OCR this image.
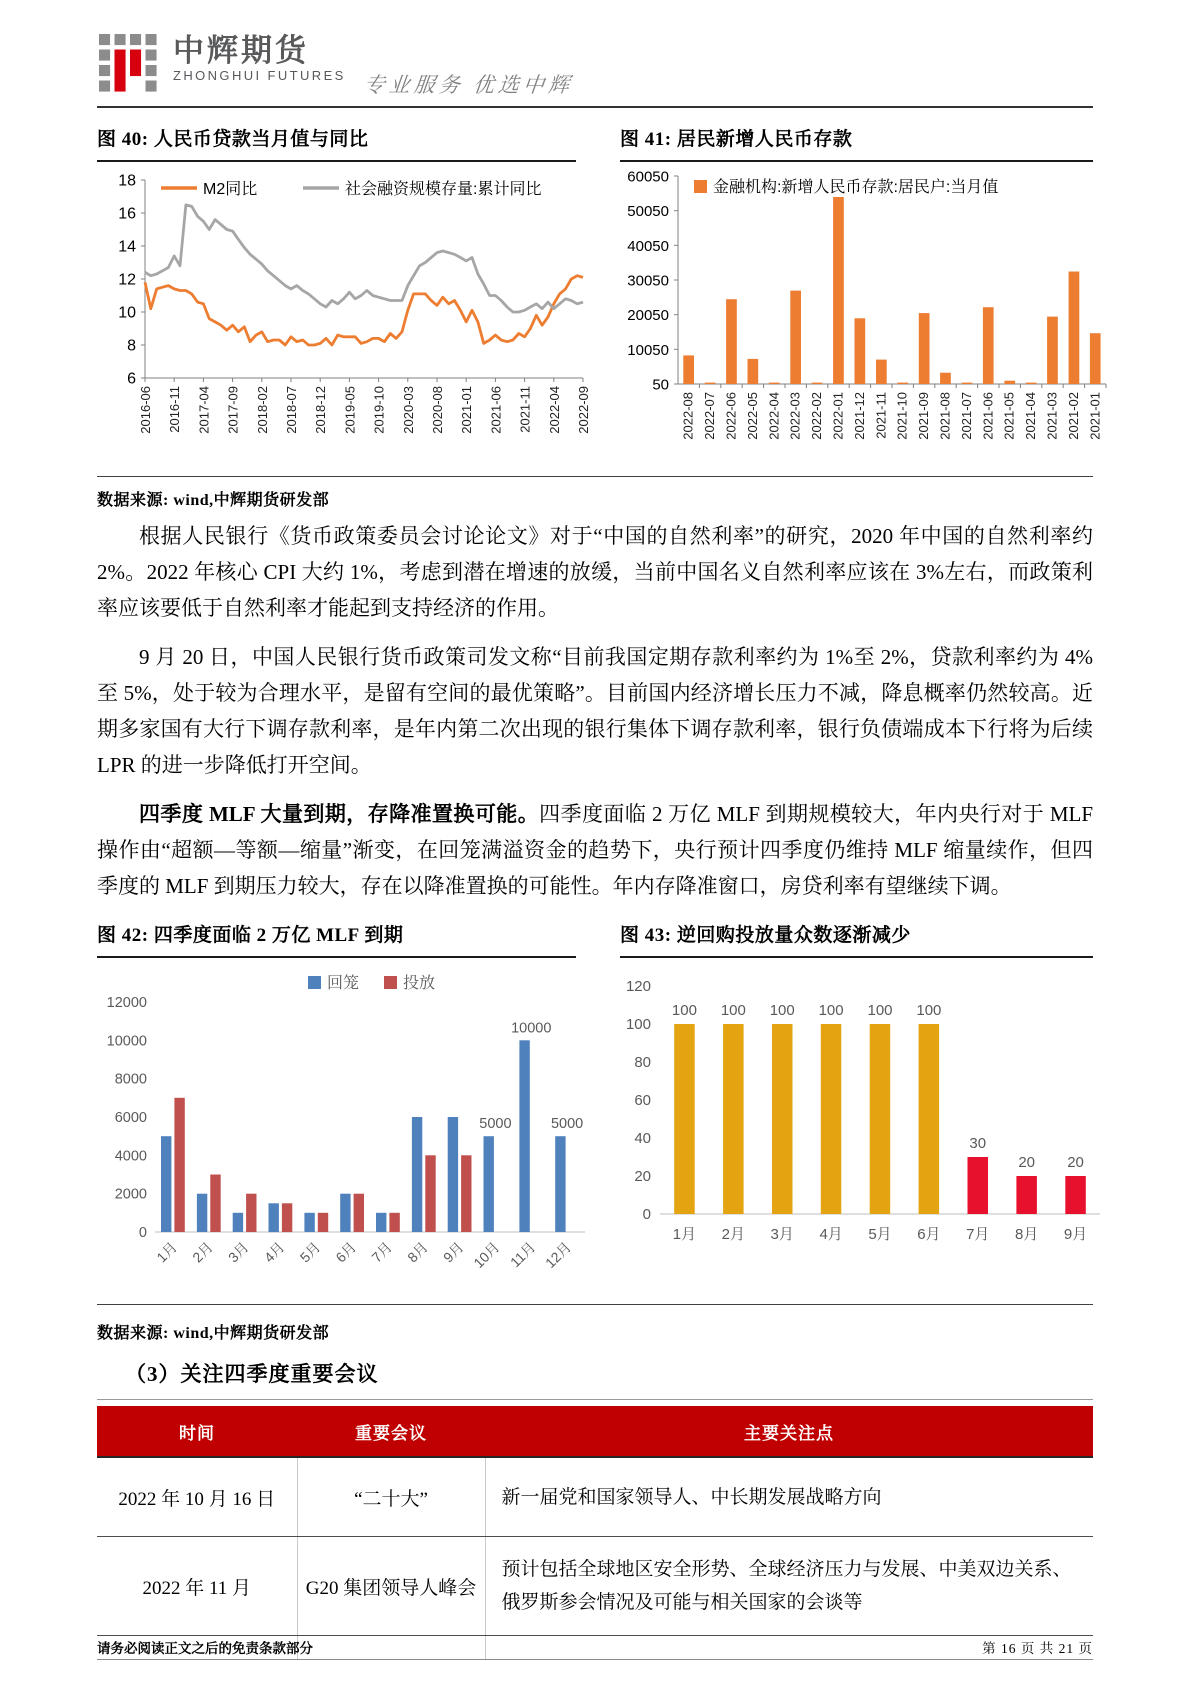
中辉期货
ZHONGHUI FUTURES 专业服务 优选中辉
图 40: 人民币贷款当月值与同比	图 41: 居民新增人民币存款
6
8
10
12
14
16
18
2016-06 2016-11 2017-04 2017-09 2018-02 2018-07 2018-12 2019-05 2019-10 2020-03 2020-08 2021-01 2021-06 2021-11 2022-04 2022-09
M2同比	社会融资规模存量:累计同比
50
10050
20050
30050
40050
50050
60050
2022-08 2022-07 2022-06 2022-05 2022-04 2022-03 2022-02 2022-01 2021-12 2021-11 2021-10 2021-09 2021-08 2021-07 2021-06 2021-05 2021-04 2021-03 2021-02 2021-01
金融机构:新增人民币存款:居民户:当月值
数据来源: wind,中辉期货研发部

根据人民银行《货币政策委员会讨论论文》对于“中国的自然利率”的研究，2020 年中国的自然利率约 2%。2022 年核心 CPI 大约 1%，考虑到潜在增速的放缓，当前中国名义自然利率应该在 3%左右，而政策利率应该要低于自然利率才能起到支持经济的作用。

9 月 20 日，中国人民银行货币政策司发文称“目前我国定期存款利率约为 1%至 2%，贷款利率约为 4%至 5%，处于较为合理水平，是留有空间的最优策略”。目前国内经济增长压力不减，降息概率仍然较高。近期多家国有大行下调存款利率，是年内第二次出现的银行集体下调存款利率，银行负债端成本下行将为后续 LPR 的进一步降低打开空间。

四季度 MLF 大量到期，存降准置换可能。四季度面临 2 万亿 MLF 到期规模较大，年内央行对于 MLF 操作由“超额—等额—缩量”渐变，在回笼满溢资金的趋势下，央行预计四季度仍维持 MLF 缩量续作，但四季度的 MLF 到期压力较大，存在以降准置换的可能性。年内存降准窗口，房贷利率有望继续下调。

图 42: 四季度面临 2 万亿 MLF 到期	图 43: 逆回购投放量众数逐渐减少
0
2000
4000
6000
8000
10000
12000
1月 2月 3月 4月 5月 6月 7月 8月 9月
5000
10月
10000
11月
5000
12月
回笼	投放
0
20
40
60
80
100
120
100
1月
100
2月
100
3月
100
4月
100
5月
100
6月
30
7月
20
8月
20
9月
数据来源: wind,中辉期货研发部
（3）关注四季度重要会议
时间	重要会议	主要关注点
2022 年 10 月 16 日	“二十大”	新一届党和国家领导人、中长期发展战略方向
2022 年 11 月	G20 集团领导人峰会	预计包括全球地区安全形势、全球经济压力与发展、中美双边关系、俄罗斯参会情况及可能与相关国家的会谈等

请务必阅读正文之后的免责条款部分	第 16 页 共 21 页
